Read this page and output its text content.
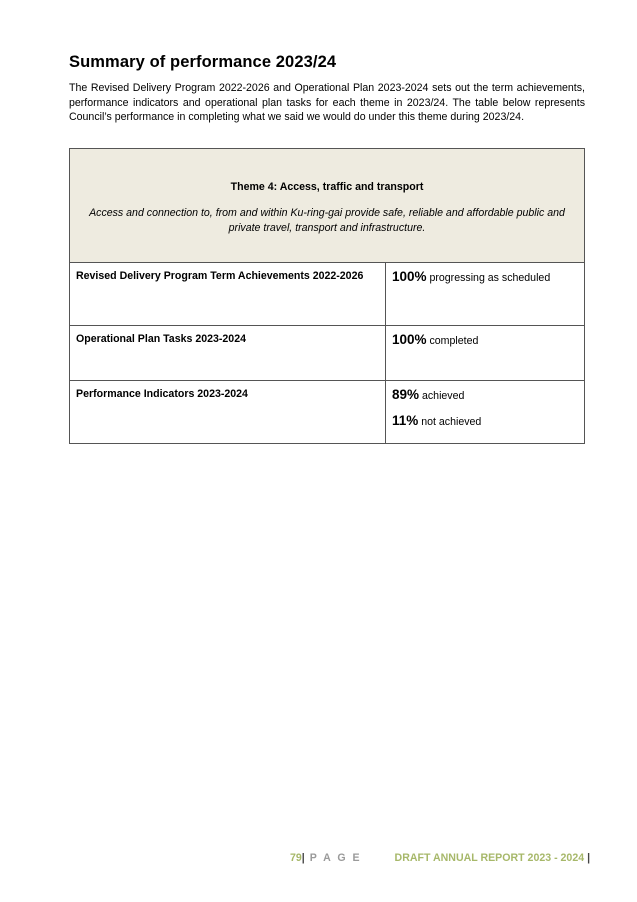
Summary of performance 2023/24

The Revised Delivery Program 2022-2026 and Operational Plan 2023-2024 sets out the term achievements, performance indicators and operational plan tasks for each theme in 2023/24. The table below represents Council’s performance in completing what we said we would do under this theme during 2023/24.

Theme 4: Access, traffic and transport
Access and connection to, from and within Ku-ring-gai provide safe, reliable and affordable public and private travel, transport and infrastructure.	

Revised Delivery Program Term Achievements 2022-2026	100% progressing as scheduled

Operational Plan Tasks 2023-2024	100% completed

Performance Indicators 2023-2024	89% achieved
11% not achieved
79| P A G E	DRAFT ANNUAL REPORT 2023 - 2024 |
